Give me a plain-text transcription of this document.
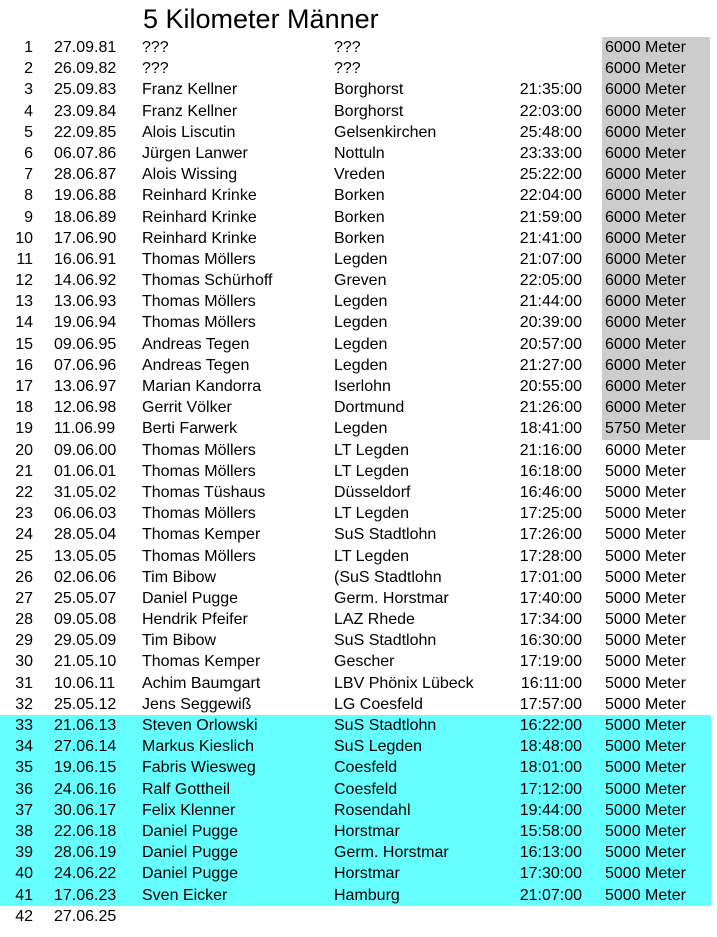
5 Kilometer Männer
1 27.09.81 ???	???	6000 Meter
2 26.09.82 ???	???	6000 Meter
3 25.09.83 Franz Kellner	Borghorst	21:35:00 6000 Meter
4 23.09.84 Franz Kellner	Borghorst	22:03:00 6000 Meter
5 22.09.85 Alois Liscutin	Gelsenkirchen	25:48:00 6000 Meter
6 06.07.86 Jürgen Lanwer	Nottuln	23:33:00 6000 Meter
7 28.06.87 Alois Wissing	Vreden	25:22:00 6000 Meter
8 19.06.88 Reinhard Krinke	Borken	22:04:00 6000 Meter
9 18.06.89 Reinhard Krinke	Borken	21:59:00 6000 Meter
10 17.06.90 Reinhard Krinke	Borken	21:41:00 6000 Meter
11 16.06.91 Thomas Möllers	Legden	21:07:00 6000 Meter
12 14.06.92 Thomas Schürhoff	Greven	22:05:00 6000 Meter
13 13.06.93 Thomas Möllers	Legden	21:44:00 6000 Meter
14 19.06.94 Thomas Möllers	Legden	20:39:00 6000 Meter
15 09.06.95 Andreas Tegen	Legden	20:57:00 6000 Meter
16 07.06.96 Andreas Tegen	Legden	21:27:00 6000 Meter
17 13.06.97 Marian Kandorra	Iserlohn	20:55:00 6000 Meter
18 12.06.98 Gerrit Völker	Dortmund	21:26:00 6000 Meter
19 11.06.99 Berti Farwerk	Legden	18:41:00 5750 Meter
20 09.06.00 Thomas Möllers	LT Legden	21:16:00 6000 Meter
21 01.06.01 Thomas Möllers	LT Legden	16:18:00 5000 Meter
22 31.05.02 Thomas Tüshaus	Düsseldorf	16:46:00 5000 Meter
23 06.06.03 Thomas Möllers	LT Legden	17:25:00 5000 Meter
24 28.05.04 Thomas Kemper	SuS Stadtlohn	17:26:00 5000 Meter
25 13.05.05 Thomas Möllers	LT Legden	17:28:00 5000 Meter
26 02.06.06 Tim Bibow	(SuS Stadtlohn	17:01:00 5000 Meter
27 25.05.07 Daniel Pugge	Germ. Horstmar	17:40:00 5000 Meter
28 09.05.08 Hendrik Pfeifer	LAZ Rhede	17:34:00 5000 Meter
29 29.05.09 Tim Bibow	SuS Stadtlohn	16:30:00 5000 Meter
30 21.05.10 Thomas Kemper	Gescher	17:19:00 5000 Meter
31 10.06.11 Achim Baumgart	LBV Phönix Lübeck	16:11:00 5000 Meter
32 25.05.12 Jens Seggewiß	LG Coesfeld	17:57:00 5000 Meter
33 21.06.13 Steven Orlowski	SuS Stadtlohn	16:22:00 5000 Meter
34 27.06.14 Markus Kieslich	SuS Legden	18:48:00 5000 Meter
35 19.06.15 Fabris Wiesweg	Coesfeld	18:01:00 5000 Meter
36 24.06.16 Ralf Gottheil	Coesfeld	17:12:00 5000 Meter
37 30.06.17 Felix Klenner	Rosendahl	19:44:00 5000 Meter
38 22.06.18 Daniel Pugge	Horstmar	15:58:00 5000 Meter
39 28.06.19 Daniel Pugge	Germ. Horstmar	16:13:00 5000 Meter
40 24.06.22 Daniel Pugge	Horstmar	17:30:00 5000 Meter
41 17.06.23 Sven Eicker	Hamburg	21:07:00 5000 Meter
42 27.06.25
